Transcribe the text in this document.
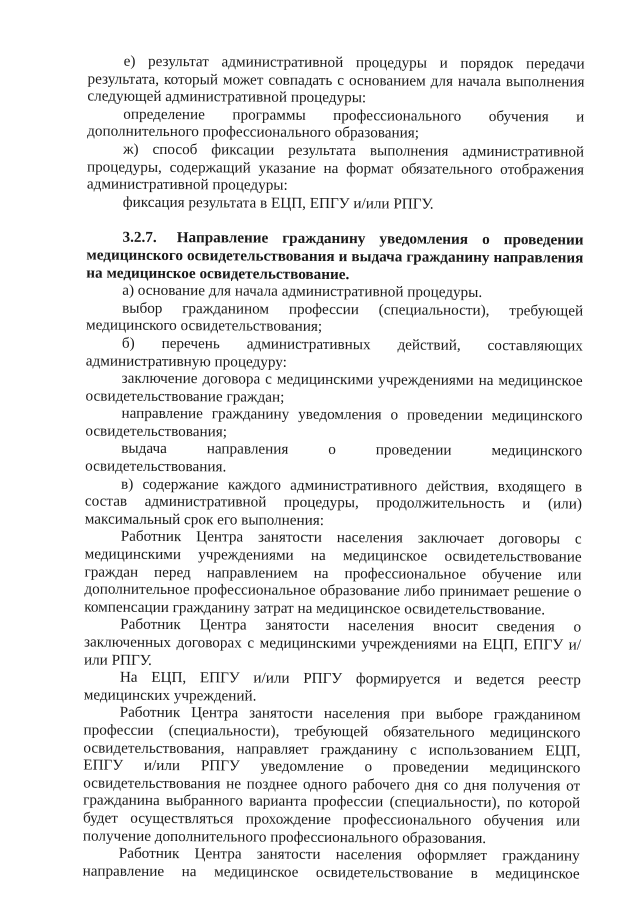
е) результат административной процедуры и порядок передачи результата, который может совпадать с основанием для начала выполнения следующей административной процедуры:

определение программы профессионального обучения и дополнительного профессионального образования;

ж) способ фиксации результата выполнения административной процедуры, содержащий указание на формат обязательного отображения административной процедуры:

фиксация результата в ЕЦП, ЕПГУ и/или РПГУ.

3.2.7. Направление гражданину уведомления о проведении медицинского освидетельствования и выдача гражданину направления на медицинское освидетельствование.

а) основание для начала административной процедуры.

выбор гражданином профессии (специальности), требующей медицинского освидетельствования;

б) перечень административных действий, составляющих административную процедуру:

заключение договора с медицинскими учреждениями на медицинское освидетельствование граждан;

направление гражданину уведомления о проведении медицинского освидетельствования;

выдача направления о проведении медицинского освидетельствования.

в) содержание каждого административного действия, входящего в состав административной процедуры, продолжительность и (или) максимальный срок его выполнения:

Работник Центра занятости населения заключает договоры с медицинскими учреждениями на медицинское освидетельствование граждан перед направлением на профессиональное обучение или дополнительное профессиональное образование либо принимает решение о компенсации гражданину затрат на медицинское освидетельствование.

Работник Центра занятости населения вносит сведения о заключенных договорах с медицинскими учреждениями на ЕЦП, ЕПГУ и/или РПГУ.

На ЕЦП, ЕПГУ и/или РПГУ формируется и ведется реестр медицинских учреждений.

Работник Центра занятости населения при выборе гражданином профессии (специальности), требующей обязательного медицинского освидетельствования, направляет гражданину с использованием ЕЦП, ЕПГУ и/или РПГУ уведомление о проведении медицинского освидетельствования не позднее одного рабочего дня со дня получения от гражданина выбранного варианта профессии (специальности), по которой будет осуществляться прохождение профессионального обучения или получение дополнительного профессионального образования.

Работник Центра занятости населения оформляет гражданину направление на медицинское освидетельствование в медицинское
